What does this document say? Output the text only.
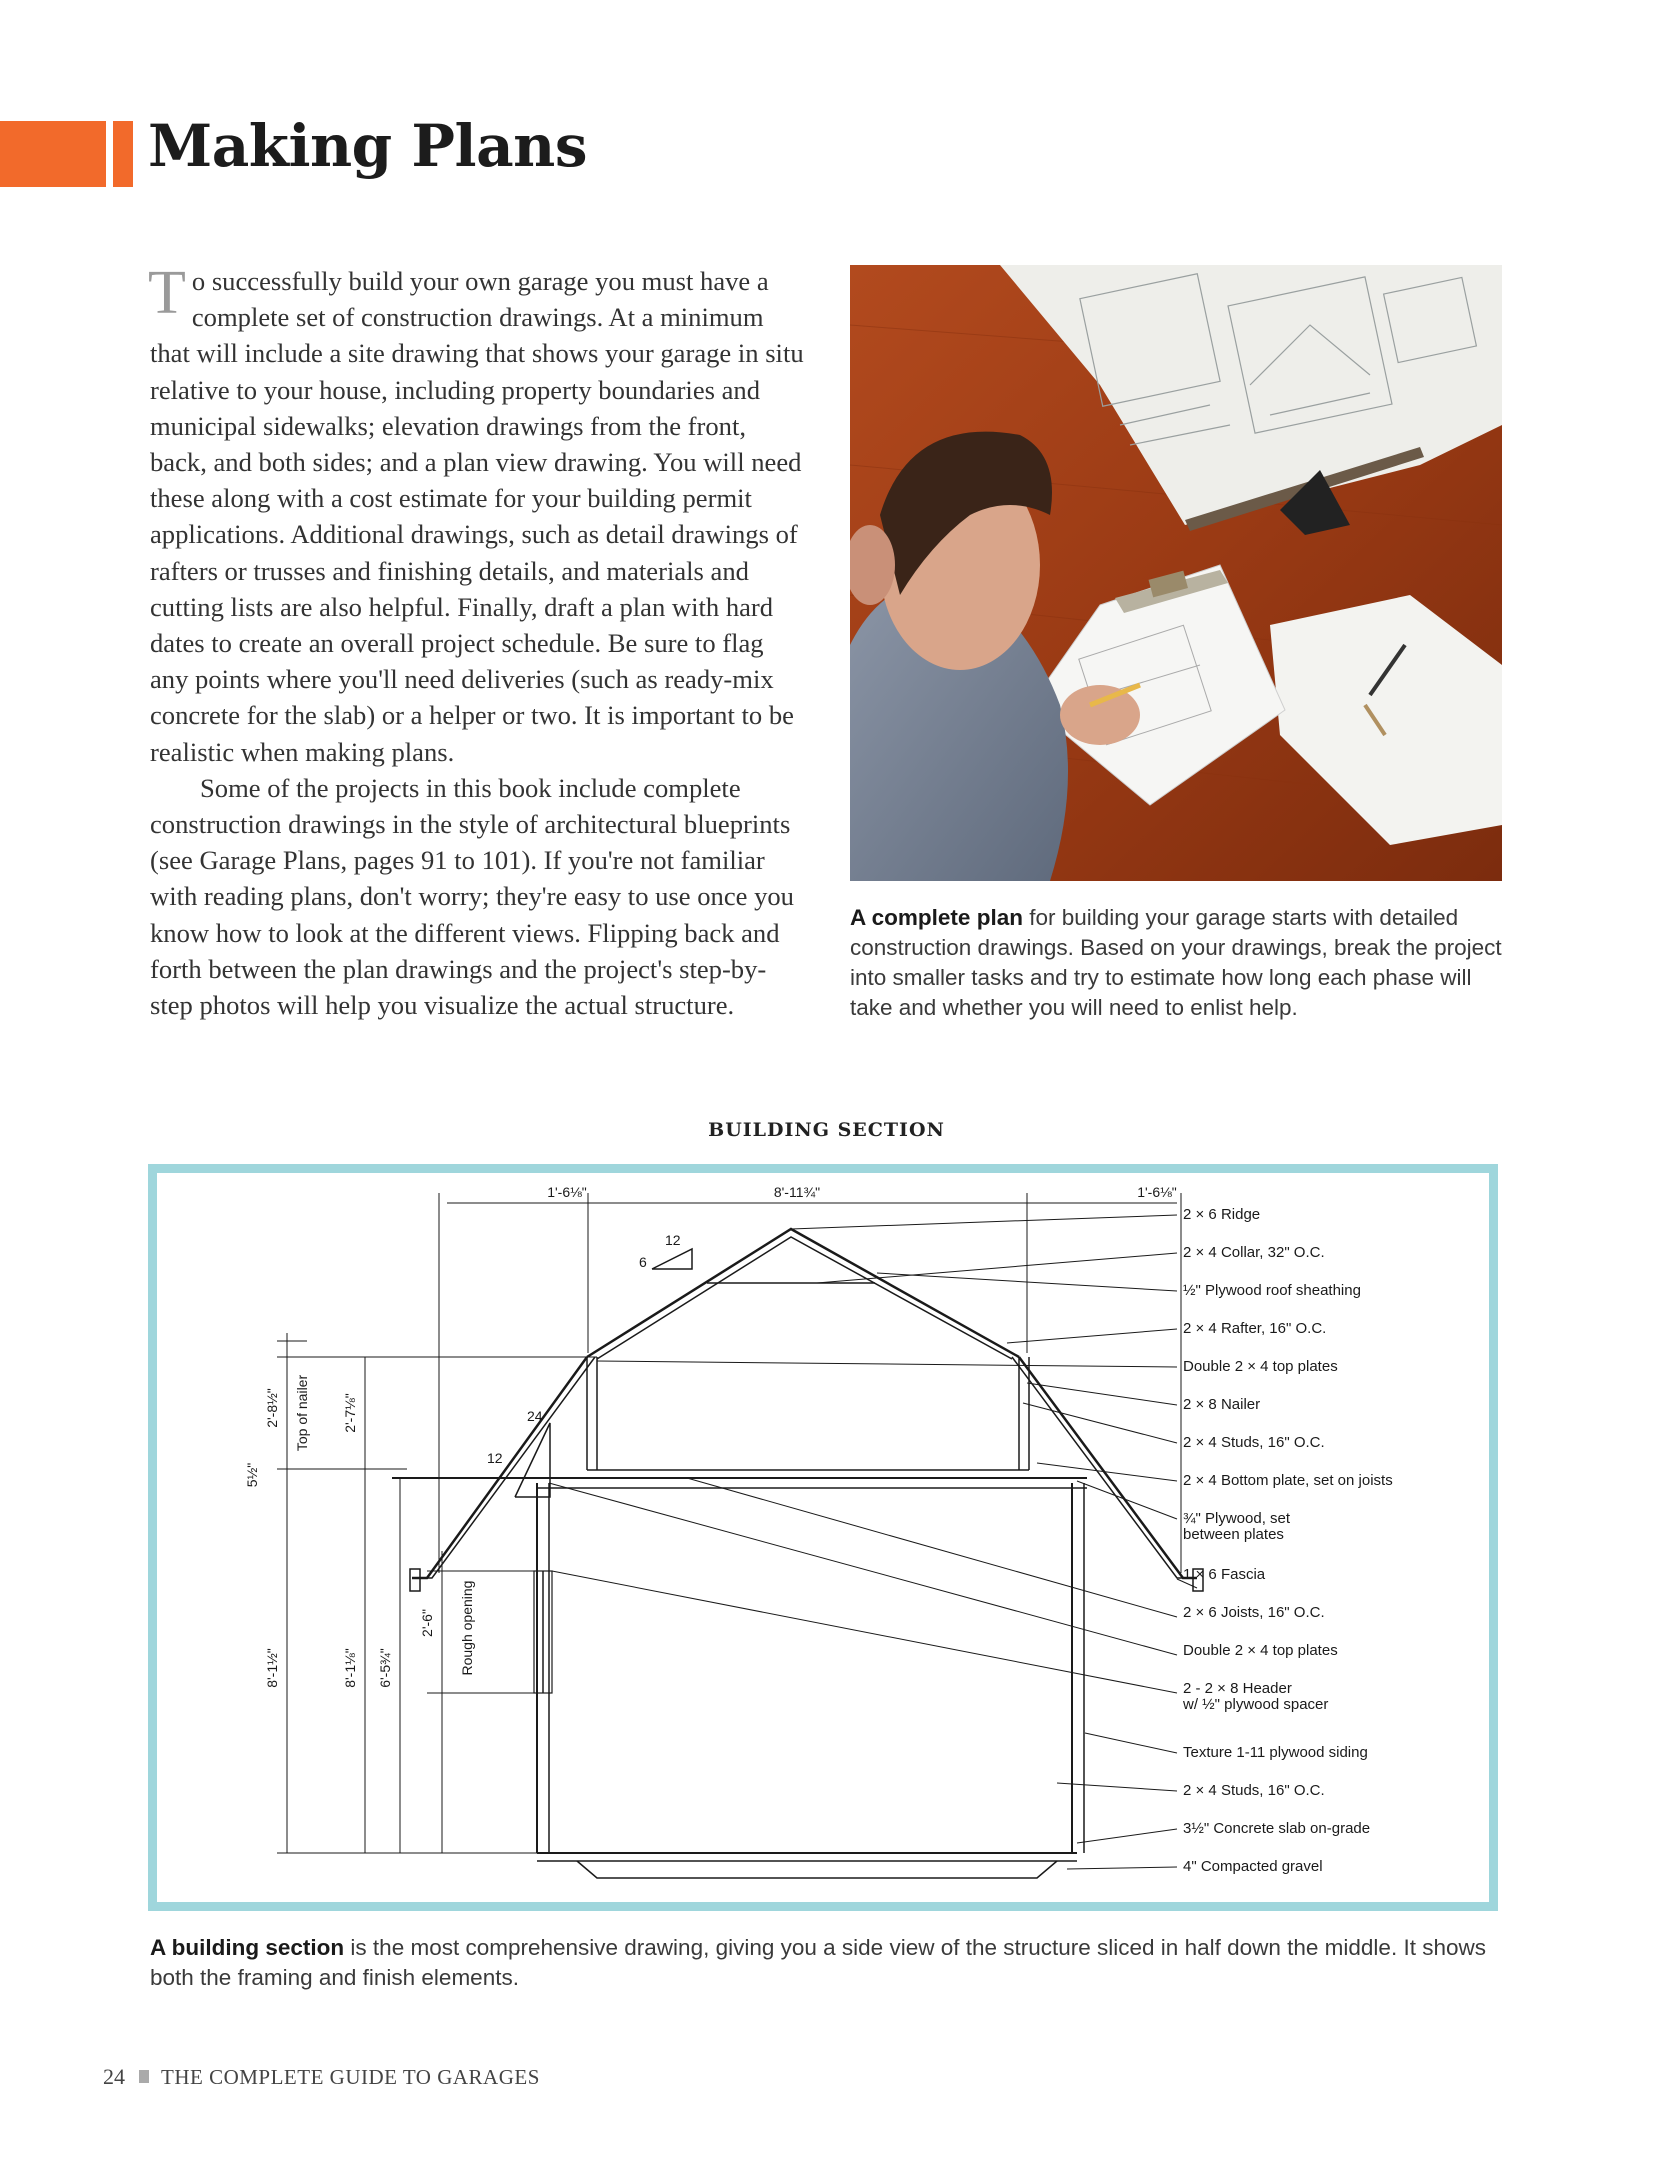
Making Plans

To successfully build your own garage you must have a complete set of construction drawings. At a minimum that will include a site drawing that shows your garage in situ relative to your house, including property boundaries and municipal sidewalks; elevation drawings from the front, back, and both sides; and a plan view drawing. You will need these along with a cost estimate for your building permit applications. Additional drawings, such as detail drawings of rafters or trusses and finishing details, and materials and cutting lists are also helpful. Finally, draft a plan with hard dates to create an overall project schedule. Be sure to flag any points where you'll need deliveries (such as ready-mix concrete for the slab) or a helper or two. It is important to be realistic when making plans.

Some of the projects in this book include complete construction drawings in the style of architectural blueprints (see Garage Plans, pages 91 to 101). If you're not familiar with reading plans, don't worry; they're easy to use once you know how to look at the different views. Flipping back and forth between the plan drawings and the project's step-by-step photos will help you visualize the actual structure.

A complete plan for building your garage starts with detailed construction drawings. Based on your drawings, break the project into smaller tasks and try to estimate how long each phase will take and whether you will need to enlist help.
BUILDING SECTION
1'-6⅛"	8'-11¾"	1'-6⅛"
12
6
24
12
2'-8½" Top of nailer 2'-7⅛"
5½"
8'-1½"	8'-1⅛" 6'-5¾"
2'-6" Rough opening
2 × 6 Ridge
2 × 4 Collar, 32" O.C.
½" Plywood roof sheathing
2 × 4 Rafter, 16" O.C.
Double 2 × 4 top plates
2 × 8 Nailer
2 × 4 Studs, 16" O.C.
2 × 4 Bottom plate, set on joists
¾" Plywood, set
between plates
1 × 6 Fascia
2 × 6 Joists, 16" O.C.
Double 2 × 4 top plates
2 - 2 × 8 Header
w/ ½" plywood spacer
Texture 1-11 plywood siding
2 × 4 Studs, 16" O.C.
3½" Concrete slab on-grade
4" Compacted gravel
A building section is the most comprehensive drawing, giving you a side view of the structure sliced in half down the middle. It shows both the framing and finish elements.
24 THE COMPLETE GUIDE TO GARAGES
